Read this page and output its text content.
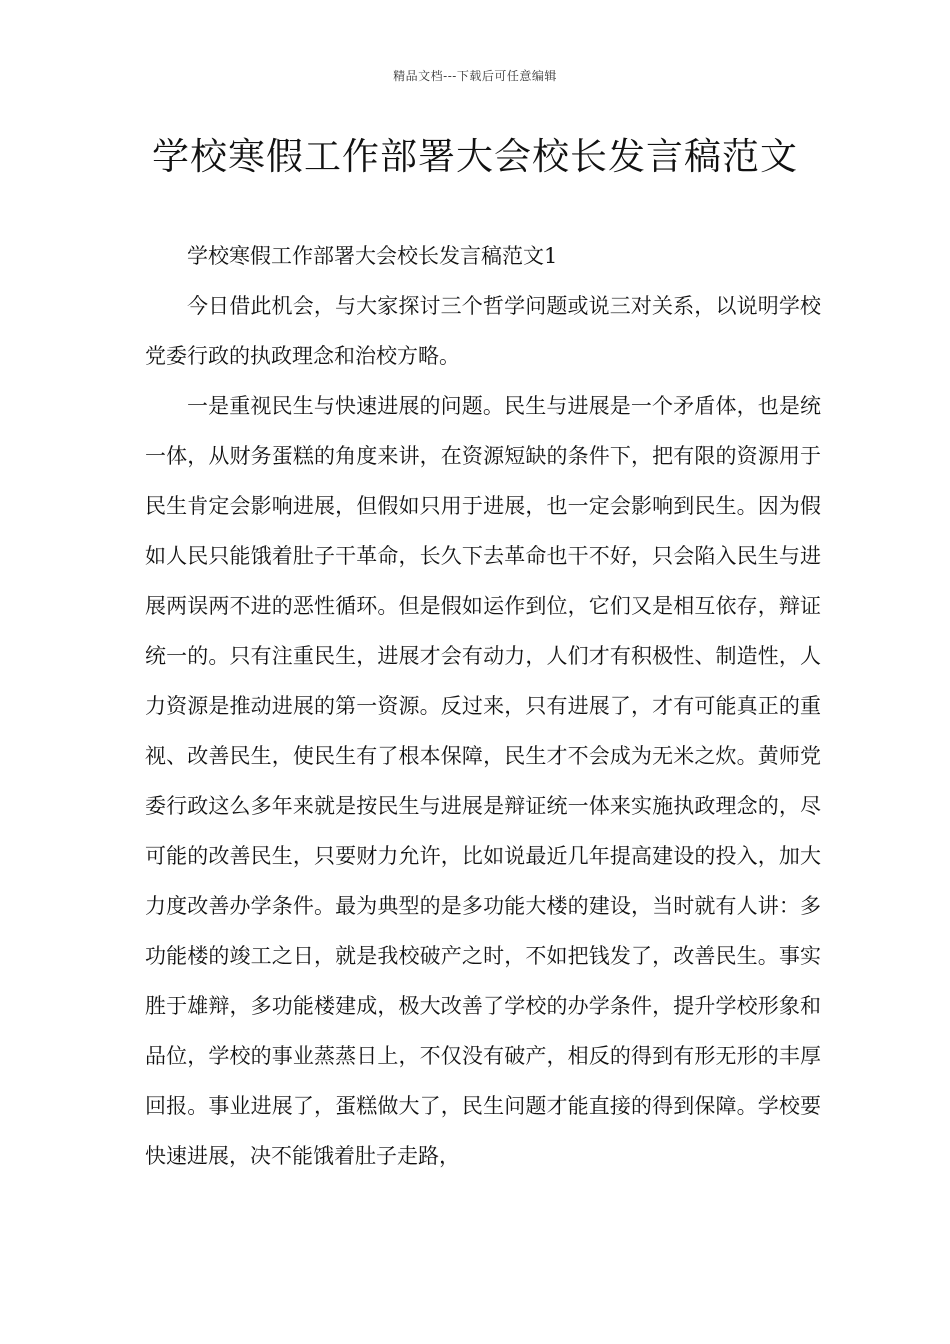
精品文档---下载后可任意编辑
学校寒假工作部署大会校长发言稿范文

学校寒假工作部署大会校长发言稿范文1

今日借此机会，与大家探讨三个哲学问题或说三对关系，以说明学校党委行政的执政理念和治校方略。

一是重视民生与快速进展的问题。民生与进展是一个矛盾体，也是统一体，从财务蛋糕的角度来讲，在资源短缺的条件下，把有限的资源用于民生肯定会影响进展，但假如只用于进展，也一定会影响到民生。因为假如人民只能饿着肚子干革命，长久下去革命也干不好，只会陷入民生与进展两误两不进的恶性循环。但是假如运作到位，它们又是相互依存，辩证统一的。只有注重民生，进展才会有动力，人们才有积极性、制造性，人力资源是推动进展的第一资源。反过来，只有进展了，才有可能真正的重视、改善民生，使民生有了根本保障，民生才不会成为无米之炊。黄师党委行政这么多年来就是按民生与进展是辩证统一体来实施执政理念的，尽可能的改善民生，只要财力允许，比如说最近几年提高建设的投入，加大力度改善办学条件。最为典型的是多功能大楼的建设，当时就有人讲：多功能楼的竣工之日，就是我校破产之时，不如把钱发了，改善民生。事实胜于雄辩，多功能楼建成，极大改善了学校的办学条件，提升学校形象和品位，学校的事业蒸蒸日上，不仅没有破产，相反的得到有形无形的丰厚回报。事业进展了，蛋糕做大了，民生问题才能直接的得到保障。学校要快速进展，决不能饿着肚子走路，
